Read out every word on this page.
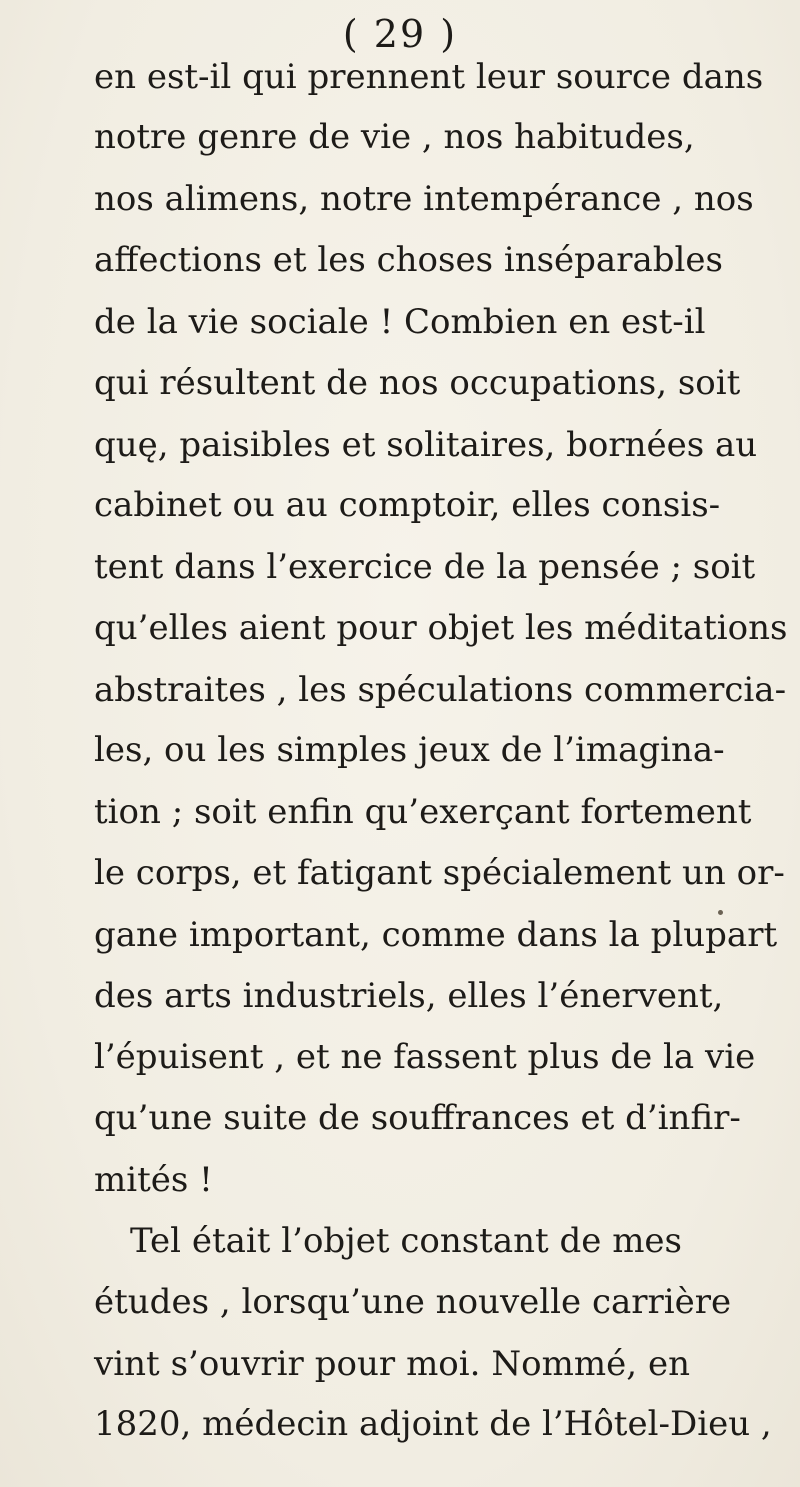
( 29 )
en est-il qui prennent leur source dans
notre genre de vie , nos habitudes,
nos alimens, notre intempérance , nos
affections et les choses inséparables
de la vie sociale ! Combien en est-il
qui résultent de nos occupations, soit
quę, paisibles et solitaires, bornées au
cabinet ou au comptoir, elles consis-
tent dans l’exercice de la pensée ; soit
qu’elles aient pour objet les méditations
abstraites , les spéculations commercia-
les, ou les simples jeux de l’imagina-
tion ; soit enfin qu’exerçant fortement
le corps, et fatigant spécialement un or-
gane important, comme dans la plupart
des arts industriels, elles l’énervent,
l’épuisent , et ne fassent plus de la vie
qu’une suite de souffrances et d’infir-
mités !
Tel était l’objet constant de mes
études , lorsqu’une nouvelle carrière
vint s’ouvrir pour moi. Nommé, en
1820, médecin adjoint de l’Hôtel-Dieu ,
